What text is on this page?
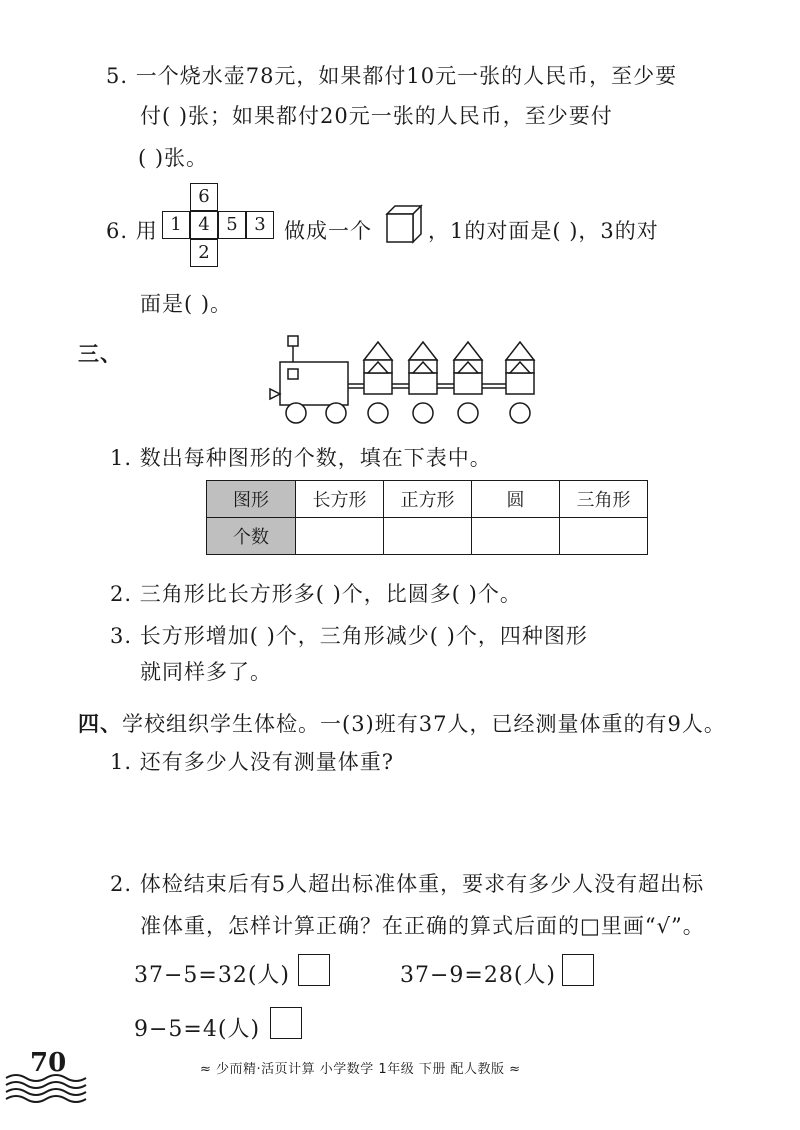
5. 一个烧水壶78元，如果都付10元一张的人民币，至少要
付( )张；如果都付20元一张的人民币，至少要付
( )张。
6. 用
6
1 4 5 3
2
做成一个	，1的对面是( )，3的对
面是( )。
三、
1. 数出每种图形的个数，填在下表中。
图形	长方形	正方形	圆	三角形
个数				
2. 三角形比长方形多( )个，比圆多( )个。
3. 长方形增加( )个，三角形减少( )个，四种图形
就同样多了。
四、学校组织学生体检。一(3)班有37人，已经测量体重的有9人。
1. 还有多少人没有测量体重?
2. 体检结束后有5人超出标准体重，要求有多少人没有超出标
准体重，怎样计算正确？在正确的算式后面的□里画“√”。
37−5=32(人)	37−9=28(人)
9−5=4(人)
70	≈ 少而精·活页计算 小学数学 1年级 下册 配人教版 ≈
